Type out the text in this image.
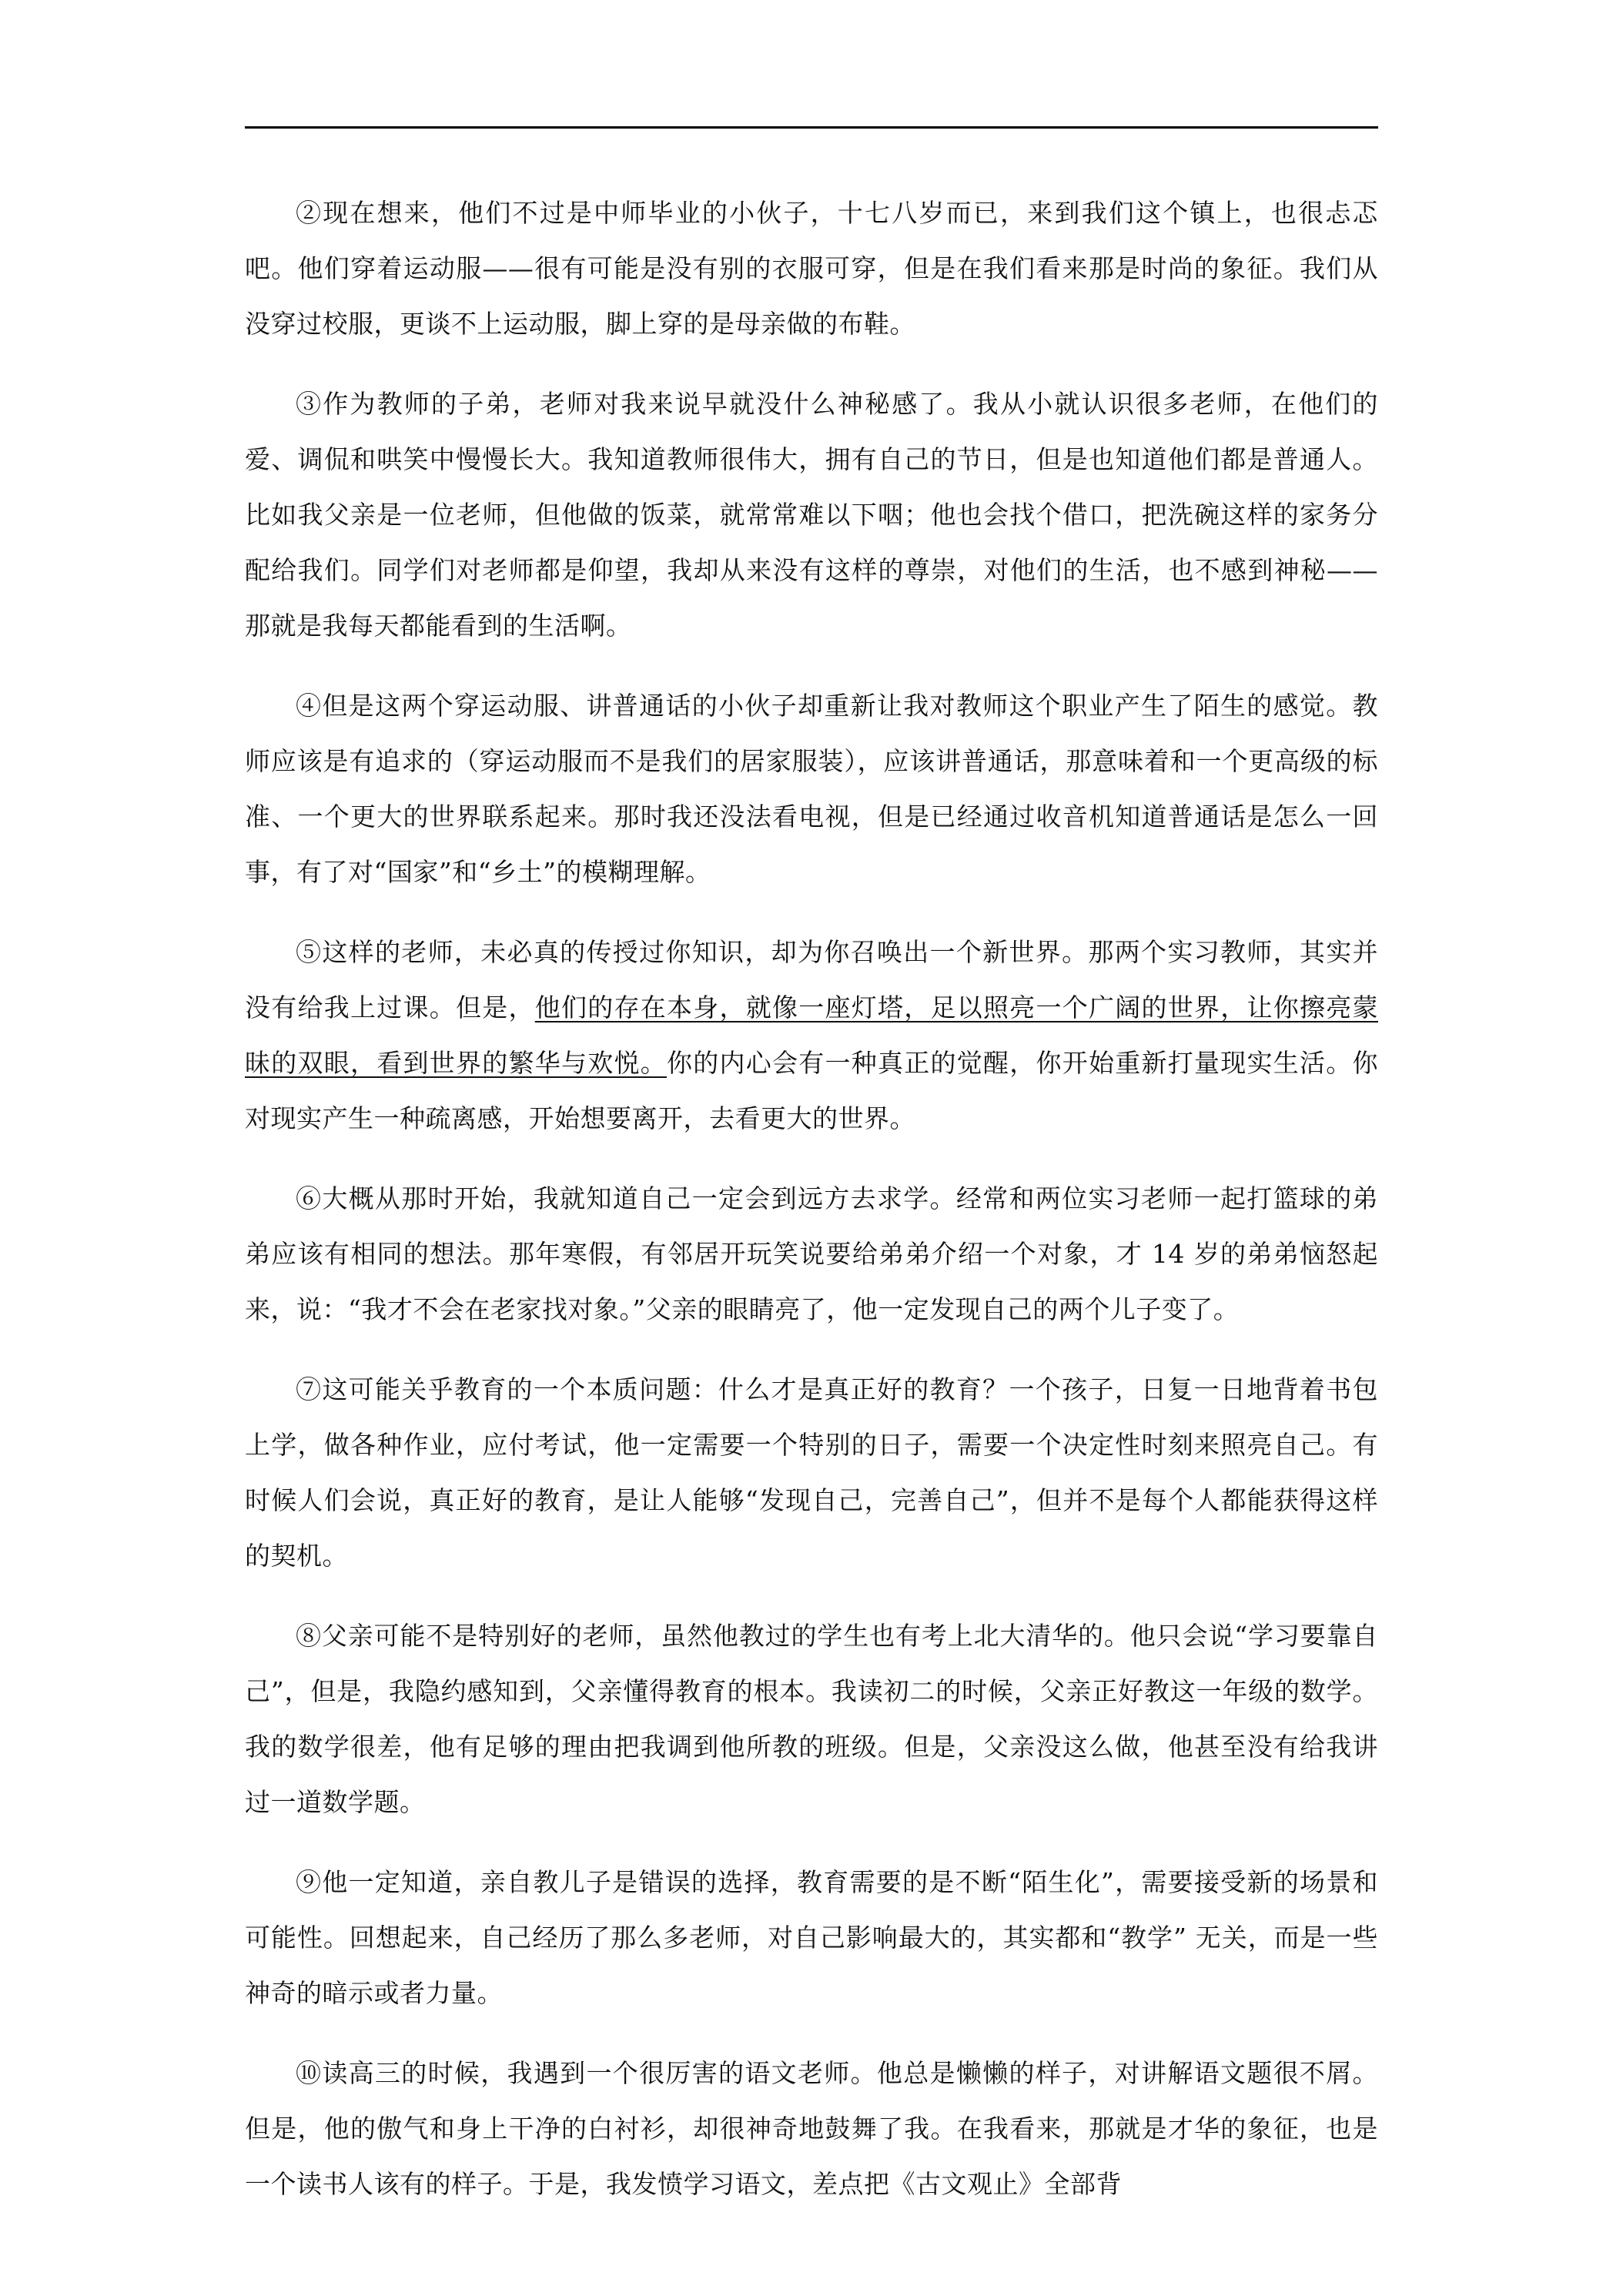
②现在想来，他们不过是中师毕业的小伙子，十七八岁而已，来到我们这个镇上，也很忐忑吧。他们穿着运动服——很有可能是没有别的衣服可穿，但是在我们看来那是时尚的象征。我们从没穿过校服，更谈不上运动服，脚上穿的是母亲做的布鞋。

③作为教师的子弟，老师对我来说早就没什么神秘感了。我从小就认识很多老师，在他们的爱、调侃和哄笑中慢慢长大。我知道教师很伟大，拥有自己的节日，但是也知道他们都是普通人。比如我父亲是一位老师，但他做的饭菜，就常常难以下咽；他也会找个借口，把洗碗这样的家务分配给我们。同学们对老师都是仰望，我却从来没有这样的尊崇，对他们的生活，也不感到神秘——那就是我每天都能看到的生活啊。

④但是这两个穿运动服、讲普通话的小伙子却重新让我对教师这个职业产生了陌生的感觉。教师应该是有追求的（穿运动服而不是我们的居家服装），应该讲普通话，那意味着和一个更高级的标准、一个更大的世界联系起来。那时我还没法看电视，但是已经通过收音机知道普通话是怎么一回事，有了对“国家”和“乡土”的模糊理解。

⑤这样的老师，未必真的传授过你知识，却为你召唤出一个新世界。那两个实习教师，其实并没有给我上过课。但是，他们的存在本身，就像一座灯塔，足以照亮一个广阔的世界，让你擦亮蒙昧的双眼，看到世界的繁华与欢悦。你的内心会有一种真正的觉醒，你开始重新打量现实生活。你对现实产生一种疏离感，开始想要离开，去看更大的世界。

⑥大概从那时开始，我就知道自己一定会到远方去求学。经常和两位实习老师一起打篮球的弟弟应该有相同的想法。那年寒假，有邻居开玩笑说要给弟弟介绍一个对象，才 14 岁的弟弟恼怒起来，说：“我才不会在老家找对象。”父亲的眼睛亮了，他一定发现自己的两个儿子变了。

⑦这可能关乎教育的一个本质问题：什么才是真正好的教育？一个孩子，日复一日地背着书包上学，做各种作业，应付考试，他一定需要一个特别的日子，需要一个决定性时刻来照亮自己。有时候人们会说，真正好的教育，是让人能够“发现自己，完善自己”，但并不是每个人都能获得这样的契机。

⑧父亲可能不是特别好的老师，虽然他教过的学生也有考上北大清华的。他只会说“学习要靠自己”，但是，我隐约感知到，父亲懂得教育的根本。我读初二的时候，父亲正好教这一年级的数学。我的数学很差，他有足够的理由把我调到他所教的班级。但是，父亲没这么做，他甚至没有给我讲过一道数学题。

⑨他一定知道，亲自教儿子是错误的选择，教育需要的是不断“陌生化”，需要接受新的场景和可能性。回想起来，自己经历了那么多老师，对自己影响最大的，其实都和“教学” 无关，而是一些神奇的暗示或者力量。

⑩读高三的时候，我遇到一个很厉害的语文老师。他总是懒懒的样子，对讲解语文题很不屑。但是，他的傲气和身上干净的白衬衫，却很神奇地鼓舞了我。在我看来，那就是才华的象征，也是一个读书人该有的样子。于是，我发愤学习语文，差点把《古文观止》全部背
